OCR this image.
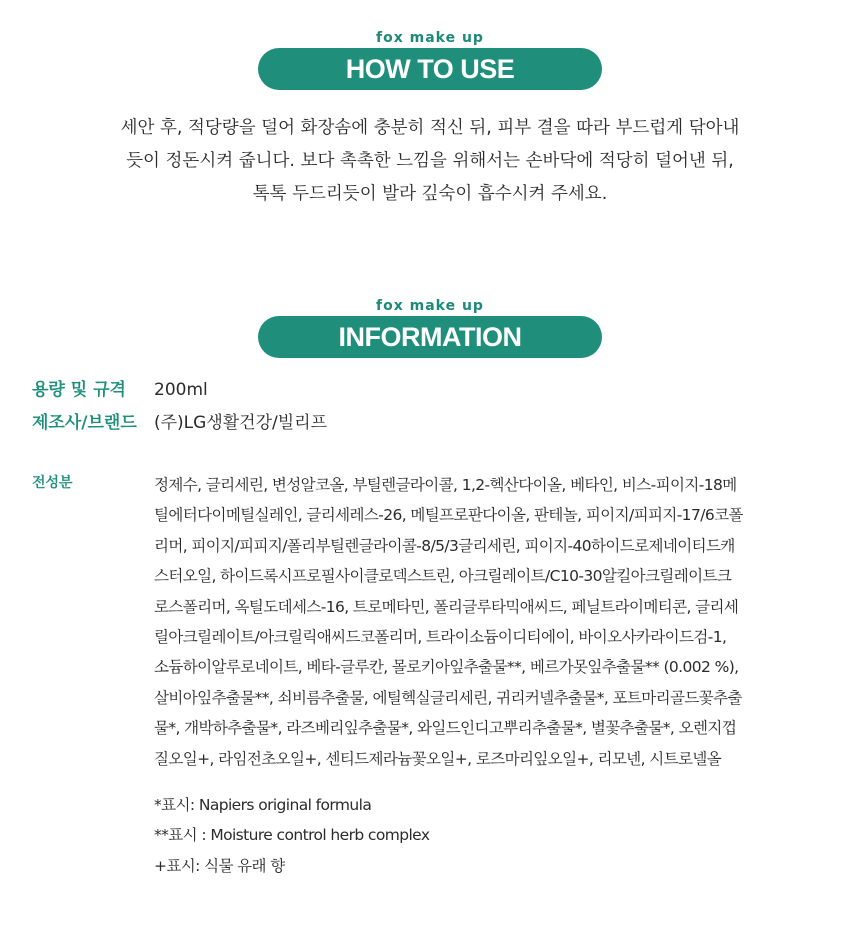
fox make up
HOW TO USE
세안 후, 적당량을 덜어 화장솜에 충분히 적신 뒤, 피부 결을 따라 부드럽게 닦아내
듯이 정돈시켜 줍니다. 보다 촉촉한 느낌을 위해서는 손바닥에 적당히 덜어낸 뒤,
톡톡 두드리듯이 발라 깊숙이 흡수시켜 주세요.
fox make up
INFORMATION
용량 및 규격 200ml
제조사/브랜드 (주)LG생활건강/빌리프
전성분	정제수, 글리세린, 변성알코올, 부틸렌글라이콜, 1,2-헥산다이올, 베타인, 비스-피이지-18메
틸에터다이메틸실레인, 글리세레스-26, 메틸프로판다이올, 판테놀, 피이지/피피지-17/6코폴
리머, 피이지/피피지/폴리부틸렌글라이콜-8/5/3글리세린, 피이지-40하이드로제네이티드캐
스터오일, 하이드록시프로필사이클로덱스트린, 아크릴레이트/C10-30알킬아크릴레이트크
로스폴리머, 옥틸도데세스-16, 트로메타민, 폴리글루타믹애씨드, 페닐트라이메티콘, 글리세
릴아크릴레이트/아크릴릭애씨드코폴리머, 트라이소듐이디티에이, 바이오사카라이드검-1,
소듐하이알루로네이트, 베타-글루칸, 몰로키아잎추출물**, 베르가못잎추출물** (0.002 %),
살비아잎추출물**, 쇠비름추출물, 에틸헥실글리세린, 귀리커넬추출물*, 포트마리골드꽃추출
물*, 개박하추출물*, 라즈베리잎추출물*, 와일드인디고뿌리추출물*, 별꽃추출물*, 오렌지껍
질오일+, 라임전초오일+, 센티드제라늄꽃오일+, 로즈마리잎오일+, 리모넨, 시트로넬올
*표시: Napiers original formula
**표시 : Moisture control herb complex
+표시: 식물 유래 향
